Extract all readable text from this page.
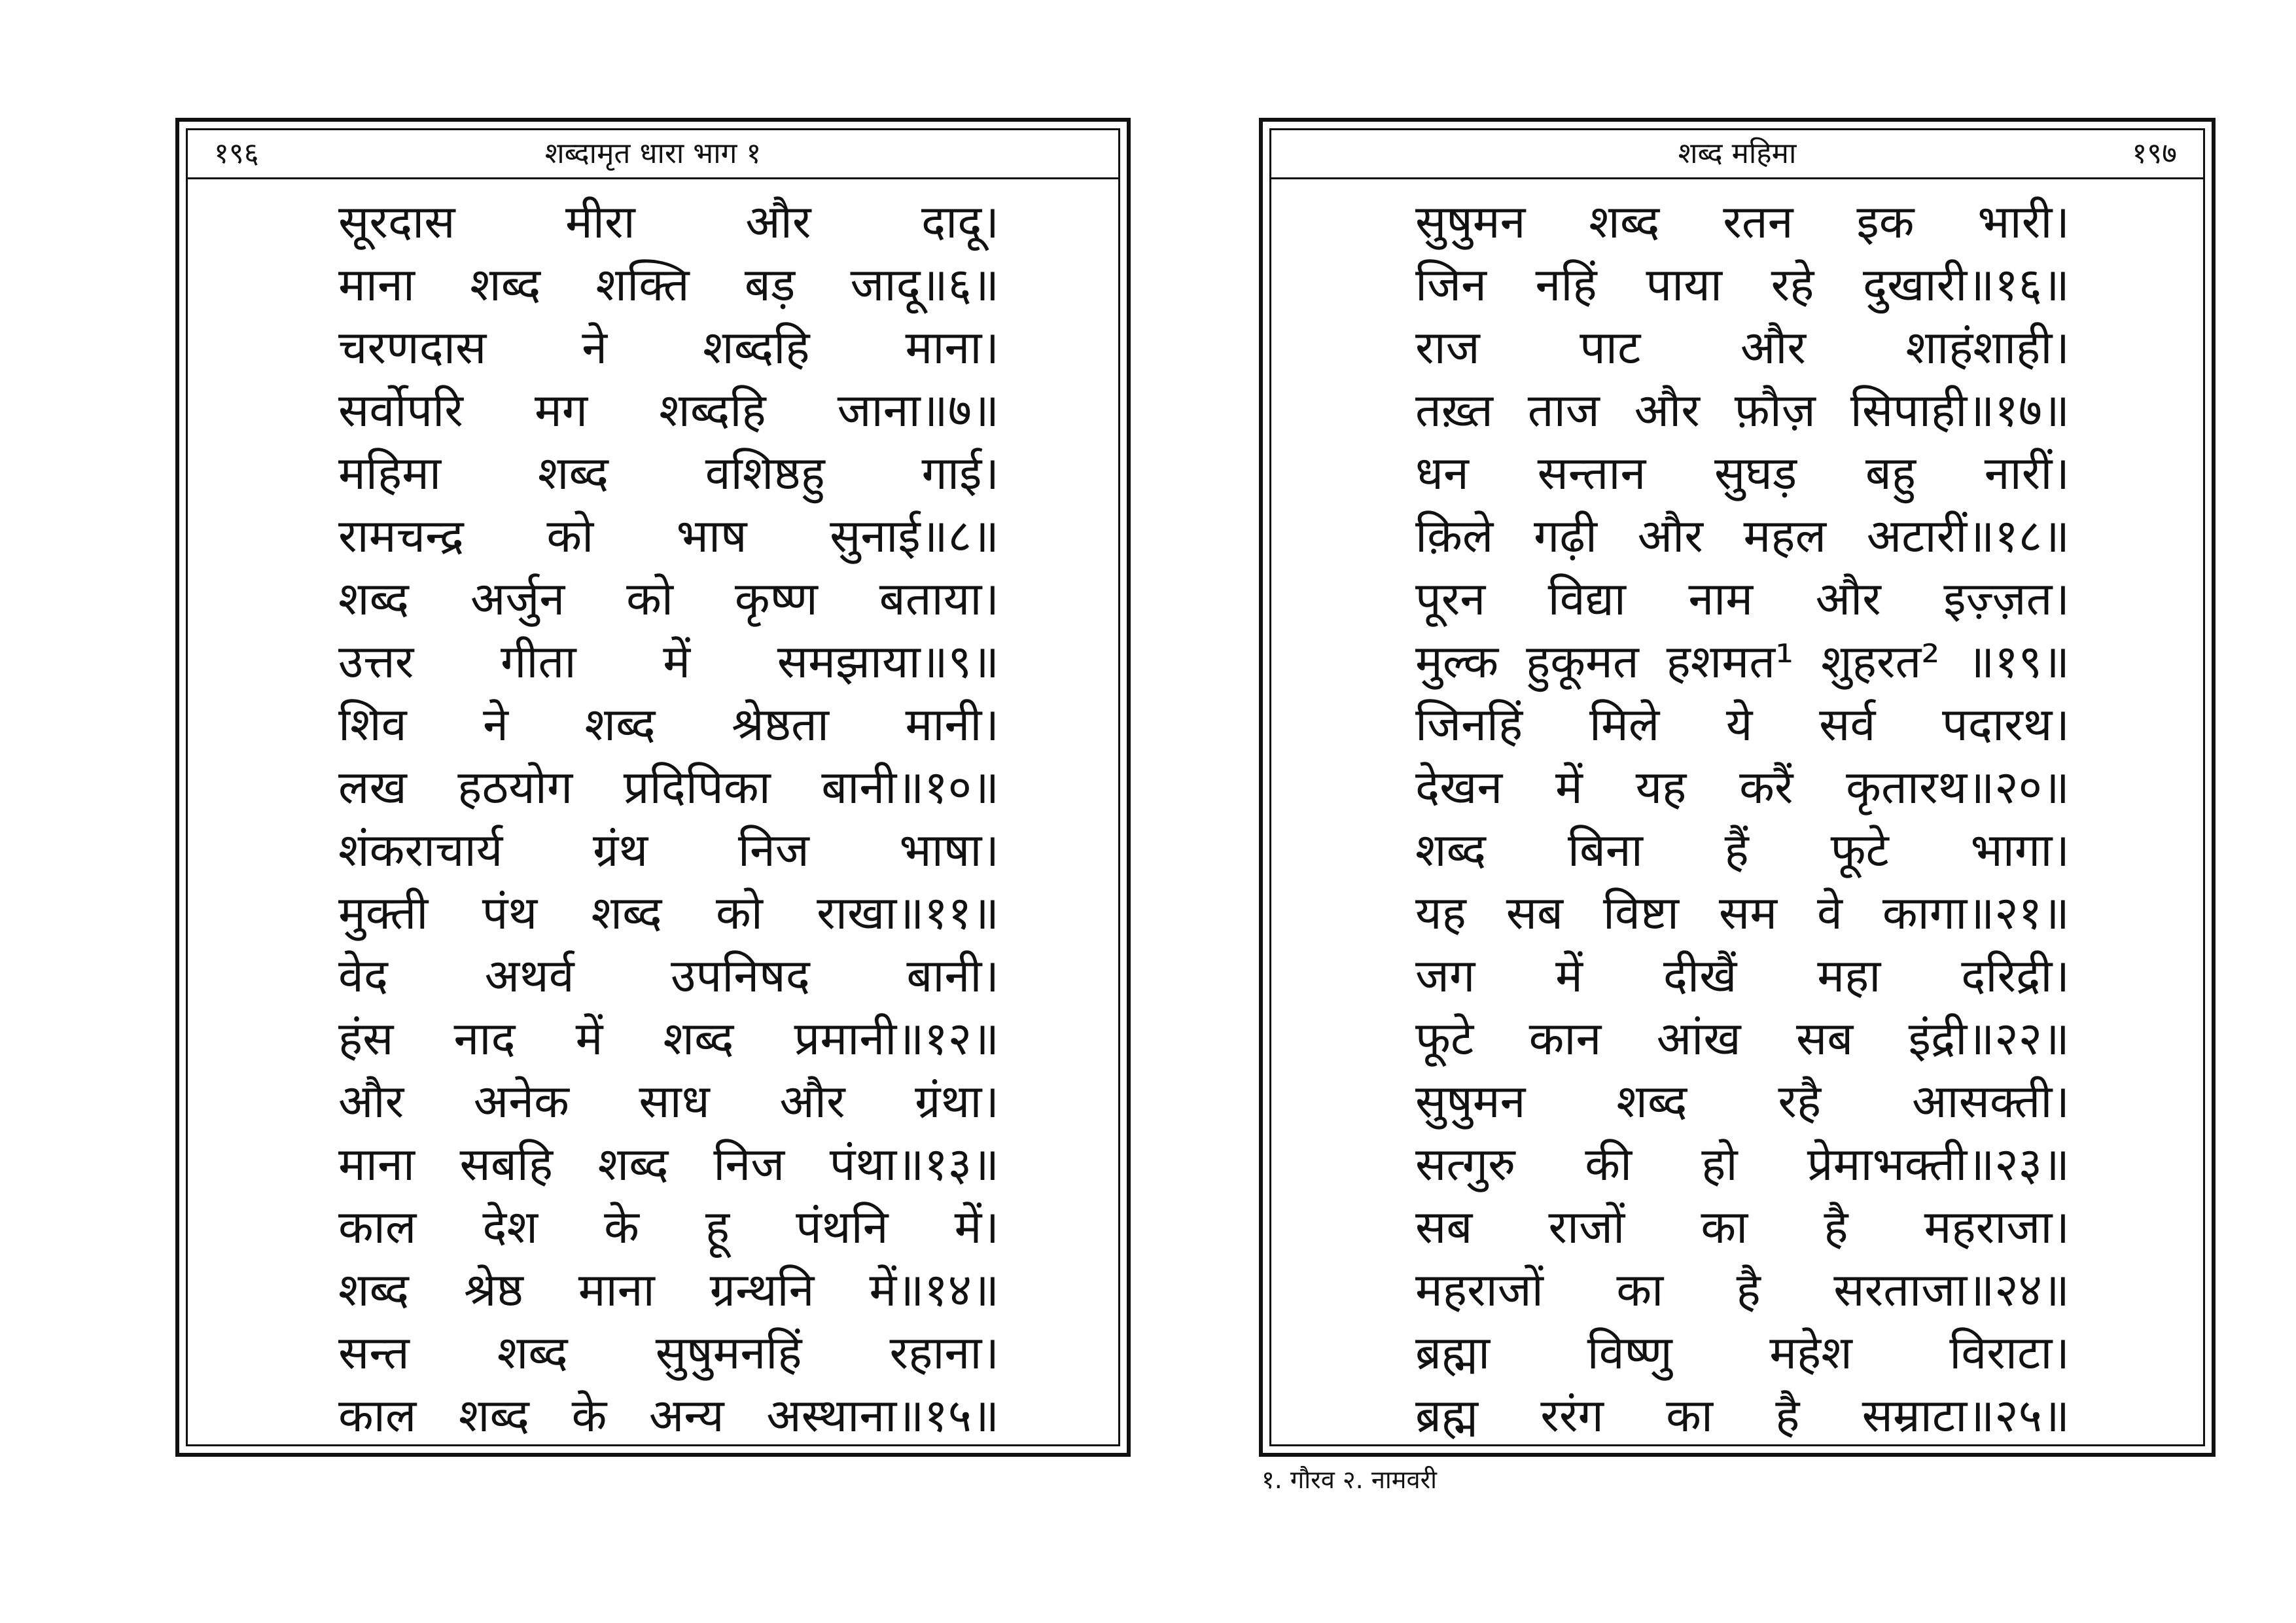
१९६	शब्दामृत धारा भाग १
सूरदास मीरा और दादू।
माना शब्द शक्ति बड़ जादू॥६॥
चरणदास ने शब्दहि माना।
सर्वोपरि मग शब्दहि जाना॥७॥
महिमा शब्द वशिष्ठहु गाई।
रामचन्द्र को भाष सुनाई॥८॥
शब्द अर्जुन को कृष्ण बताया।
उत्तर गीता में समझाया॥९॥
शिव ने शब्द श्रेष्ठता मानी।
लख हठयोग प्रदिपिका बानी॥१०॥
शंकराचार्य ग्रंथ निज भाषा।
मुक्ती पंथ शब्द को राखा॥११॥
वेद अथर्व उपनिषद बानी।
हंस नाद में शब्द प्रमानी॥१२॥
और अनेक साध और ग्रंथा।
माना सबहि शब्द निज पंथा॥१३॥
काल देश के हू पंथनि में।
शब्द श्रेष्ठ माना ग्रन्थनि में॥१४॥
सन्त शब्द सुषुमनहिं रहाना।
काल शब्द के अन्य अस्थाना॥१५॥
शब्द महिमा	१९७
सुषुमन शब्द रतन इक भारी।
जिन नहिं पाया रहे दुखारी॥१६॥
राज पाट और शाहंशाही।
तख़्त ताज और फ़ौज़ सिपाही॥१७॥
धन सन्तान सुघड़ बहु नारीं।
क़िले गढ़ी और महल अटारीं॥१८॥
पूरन विद्या नाम और इज़्ज़त।
मुल्क हुकूमत हशमत¹ शुहरत² ॥१९॥
जिनहिं मिले ये सर्व पदारथ।
देखन में यह करैं कृतारथ॥२०॥
शब्द बिना हैं फूटे भागा।
यह सब विष्टा सम वे कागा॥२१॥
जग में दीखैं महा दरिद्री।
फूटे कान आंख सब इंद्री॥२२॥
सुषुमन शब्द रहै आसक्ती।
सत्गुरु की हो प्रेमाभक्ती॥२३॥
सब राजों का है महराजा।
महराजों का है सरताजा॥२४॥
ब्रह्मा विष्णु महेश विराटा।
ब्रह्म ररंग का है सम्राटा॥२५॥
१. गौरव २. नामवरी
